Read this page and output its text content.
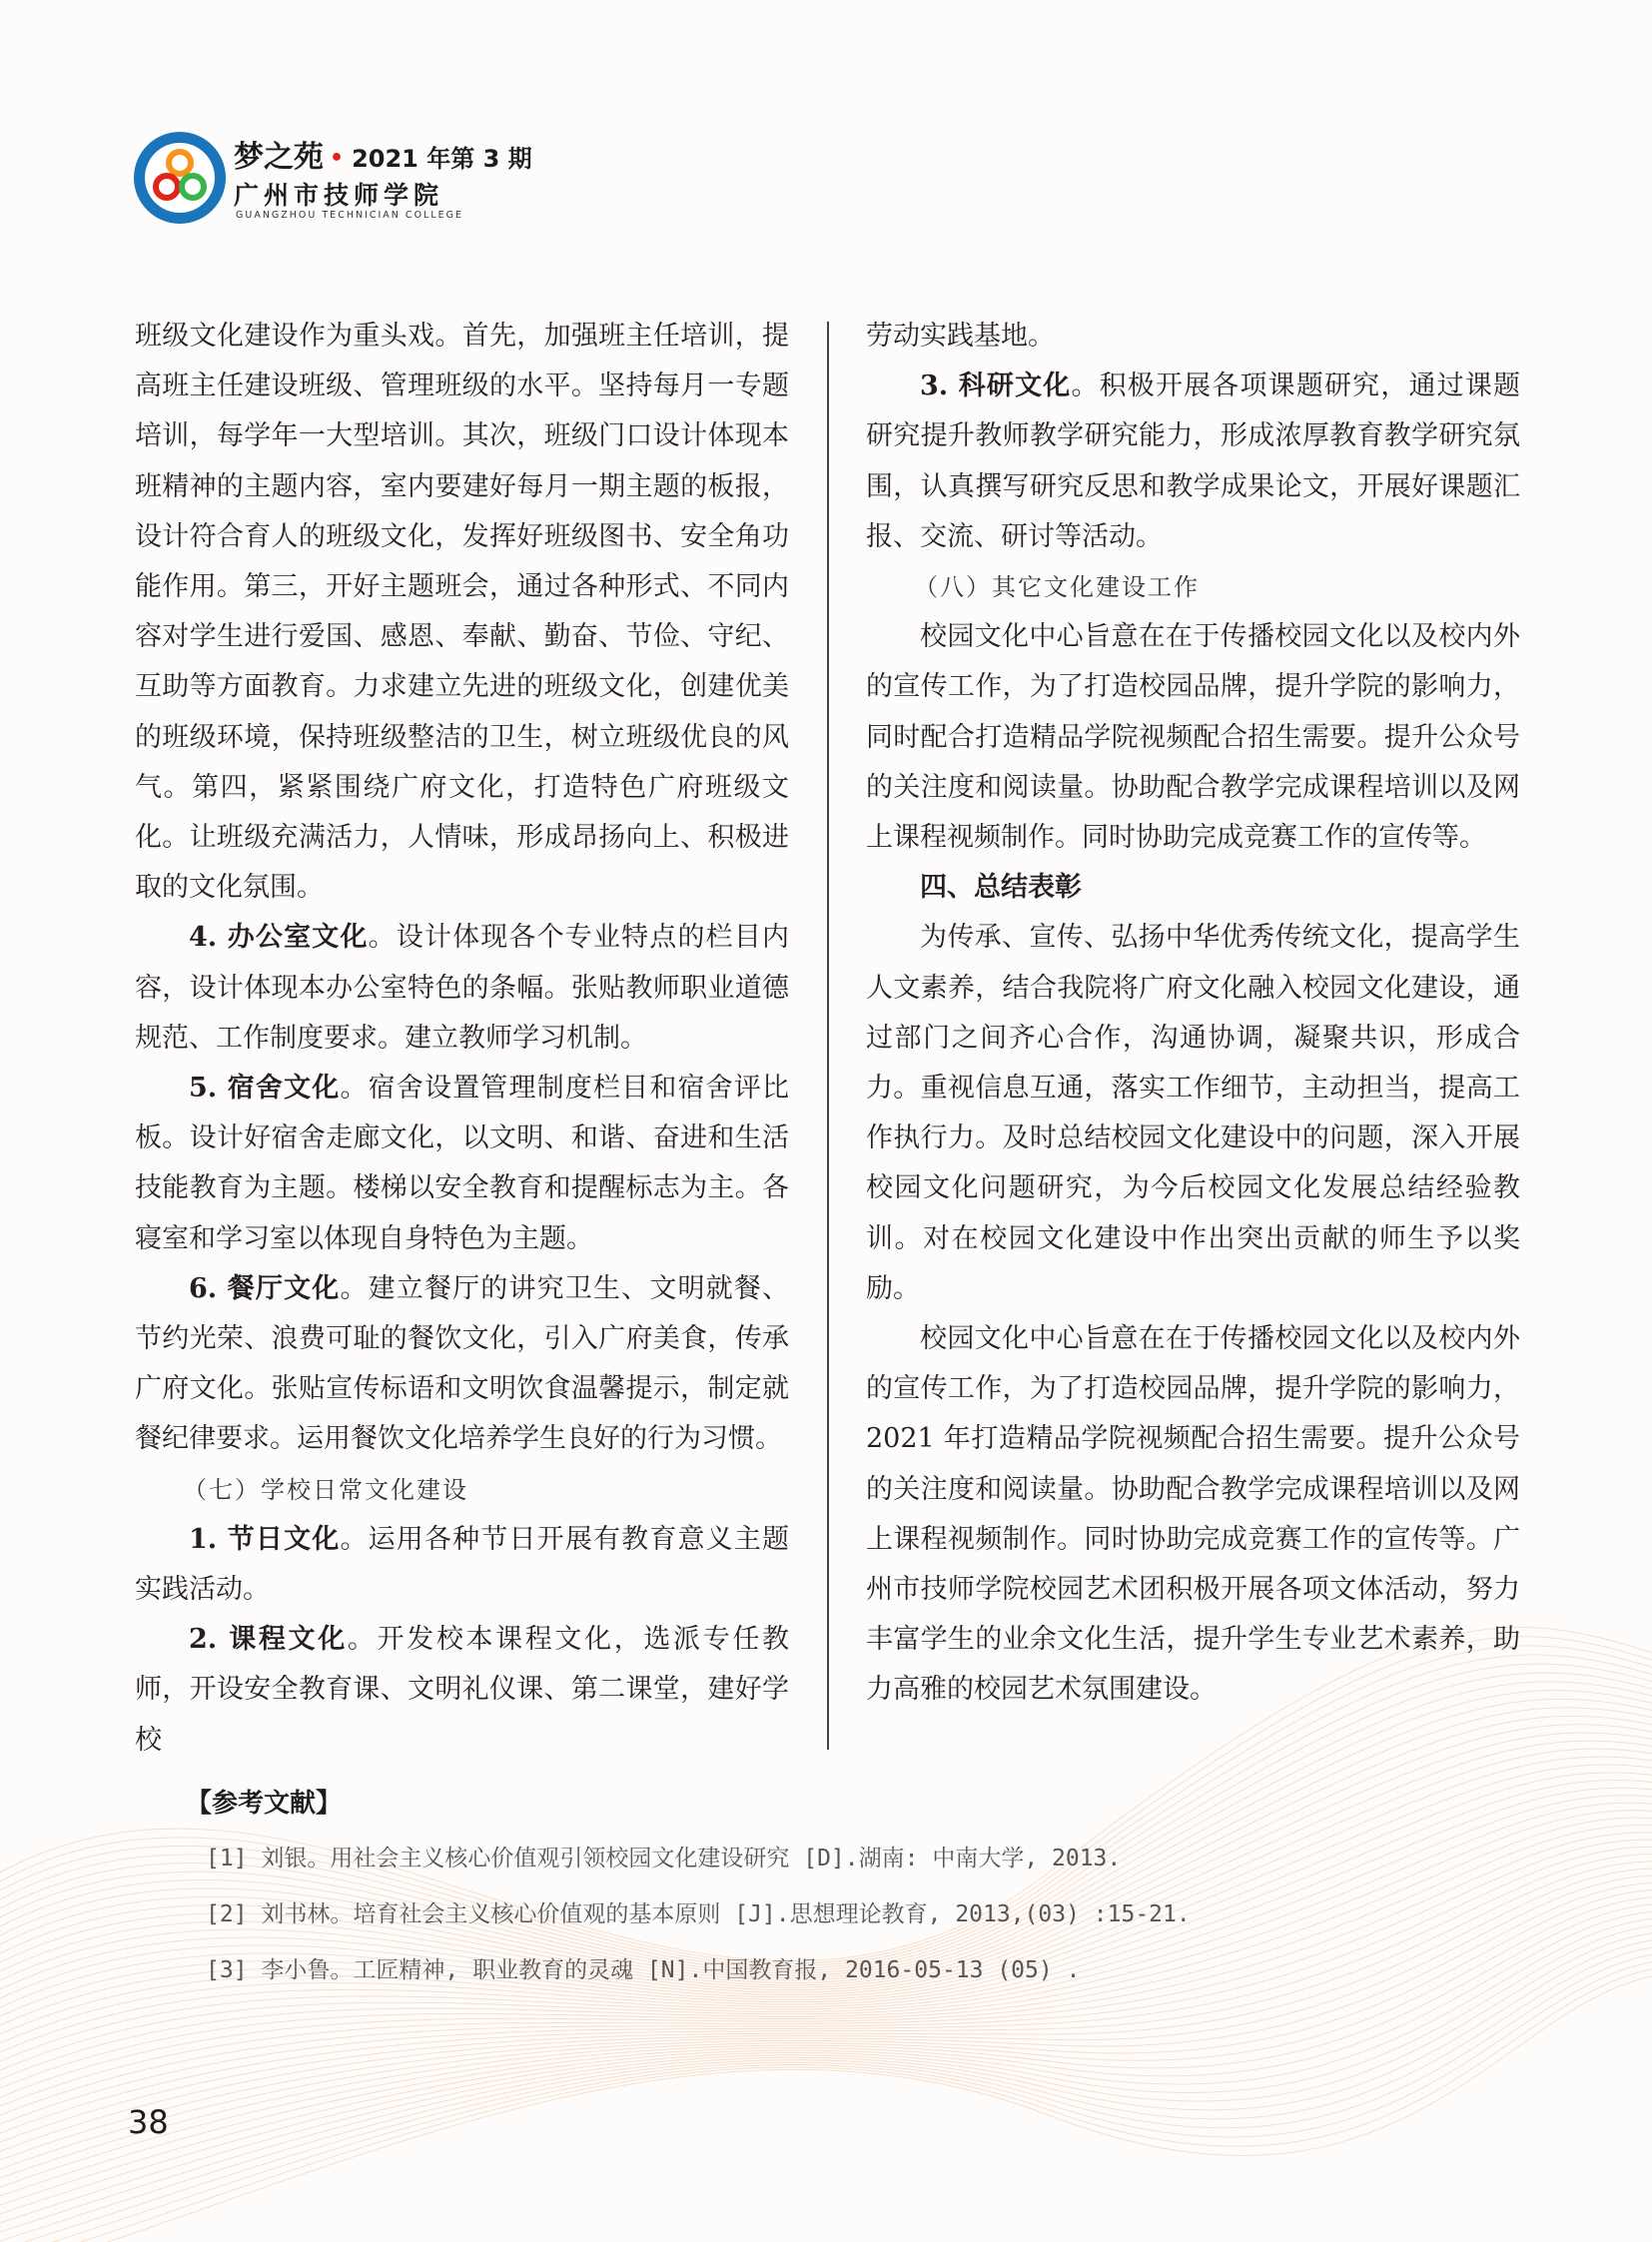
梦之苑 • 2021 年第 3 期
广州市技师学院
GUANGZHOU TECHNICIAN COLLEGE

班级文化建设作为重头戏。首先，加强班主任培训，提高班主任建设班级、管理班级的水平。坚持每月一专题培训，每学年一大型培训。其次，班级门口设计体现本班精神的主题内容，室内要建好每月一期主题的板报，设计符合育人的班级文化，发挥好班级图书、安全角功能作用。第三，开好主题班会，通过各种形式、不同内容对学生进行爱国、感恩、奉献、勤奋、节俭、守纪、互助等方面教育。力求建立先进的班级文化，创建优美的班级环境，保持班级整洁的卫生，树立班级优良的风气。第四，紧紧围绕广府文化，打造特色广府班级文化。让班级充满活力，人情味，形成昂扬向上、积极进取的文化氛围。

4. 办公室文化。设计体现各个专业特点的栏目内容，设计体现本办公室特色的条幅。张贴教师职业道德规范、工作制度要求。建立教师学习机制。

5. 宿舍文化。宿舍设置管理制度栏目和宿舍评比板。设计好宿舍走廊文化，以文明、和谐、奋进和生活技能教育为主题。楼梯以安全教育和提醒标志为主。各寝室和学习室以体现自身特色为主题。

6. 餐厅文化。建立餐厅的讲究卫生、文明就餐、节约光荣、浪费可耻的餐饮文化，引入广府美食，传承广府文化。张贴宣传标语和文明饮食温馨提示，制定就餐纪律要求。运用餐饮文化培养学生良好的行为习惯。

（七）学校日常文化建设

1. 节日文化。运用各种节日开展有教育意义主题实践活动。

2. 课程文化。开发校本课程文化，选派专任教师，开设安全教育课、文明礼仪课、第二课堂，建好学校

劳动实践基地。

3. 科研文化。积极开展各项课题研究，通过课题研究提升教师教学研究能力，形成浓厚教育教学研究氛围，认真撰写研究反思和教学成果论文，开展好课题汇报、交流、研讨等活动。

（八）其它文化建设工作

校园文化中心旨意在在于传播校园文化以及校内外的宣传工作，为了打造校园品牌，提升学院的影响力，同时配合打造精品学院视频配合招生需要。提升公众号的关注度和阅读量。协助配合教学完成课程培训以及网上课程视频制作。同时协助完成竞赛工作的宣传等。

四、总结表彰

为传承、宣传、弘扬中华优秀传统文化，提高学生人文素养，结合我院将广府文化融入校园文化建设，通过部门之间齐心合作，沟通协调，凝聚共识，形成合力。重视信息互通，落实工作细节，主动担当，提高工作执行力。及时总结校园文化建设中的问题，深入开展校园文化问题研究，为今后校园文化发展总结经验教训。对在校园文化建设中作出突出贡献的师生予以奖励。

校园文化中心旨意在在于传播校园文化以及校内外的宣传工作，为了打造校园品牌，提升学院的影响力，2021 年打造精品学院视频配合招生需要。提升公众号的关注度和阅读量。协助配合教学完成课程培训以及网上课程视频制作。同时协助完成竞赛工作的宣传等。广州市技师学院校园艺术团积极开展各项文体活动，努力丰富学生的业余文化生活，提升学生专业艺术素养，助力高雅的校园艺术氛围建设。

【参考文献】
[1] 刘银。用社会主义核心价值观引领校园文化建设研究 [D].湖南: 中南大学, 2013.
[2] 刘书林。培育社会主义核心价值观的基本原则 [J].思想理论教育, 2013,(03) :15-21.
[3] 李小鲁。工匠精神, 职业教育的灵魂 [N].中国教育报, 2016-05-13 (05) .
38
